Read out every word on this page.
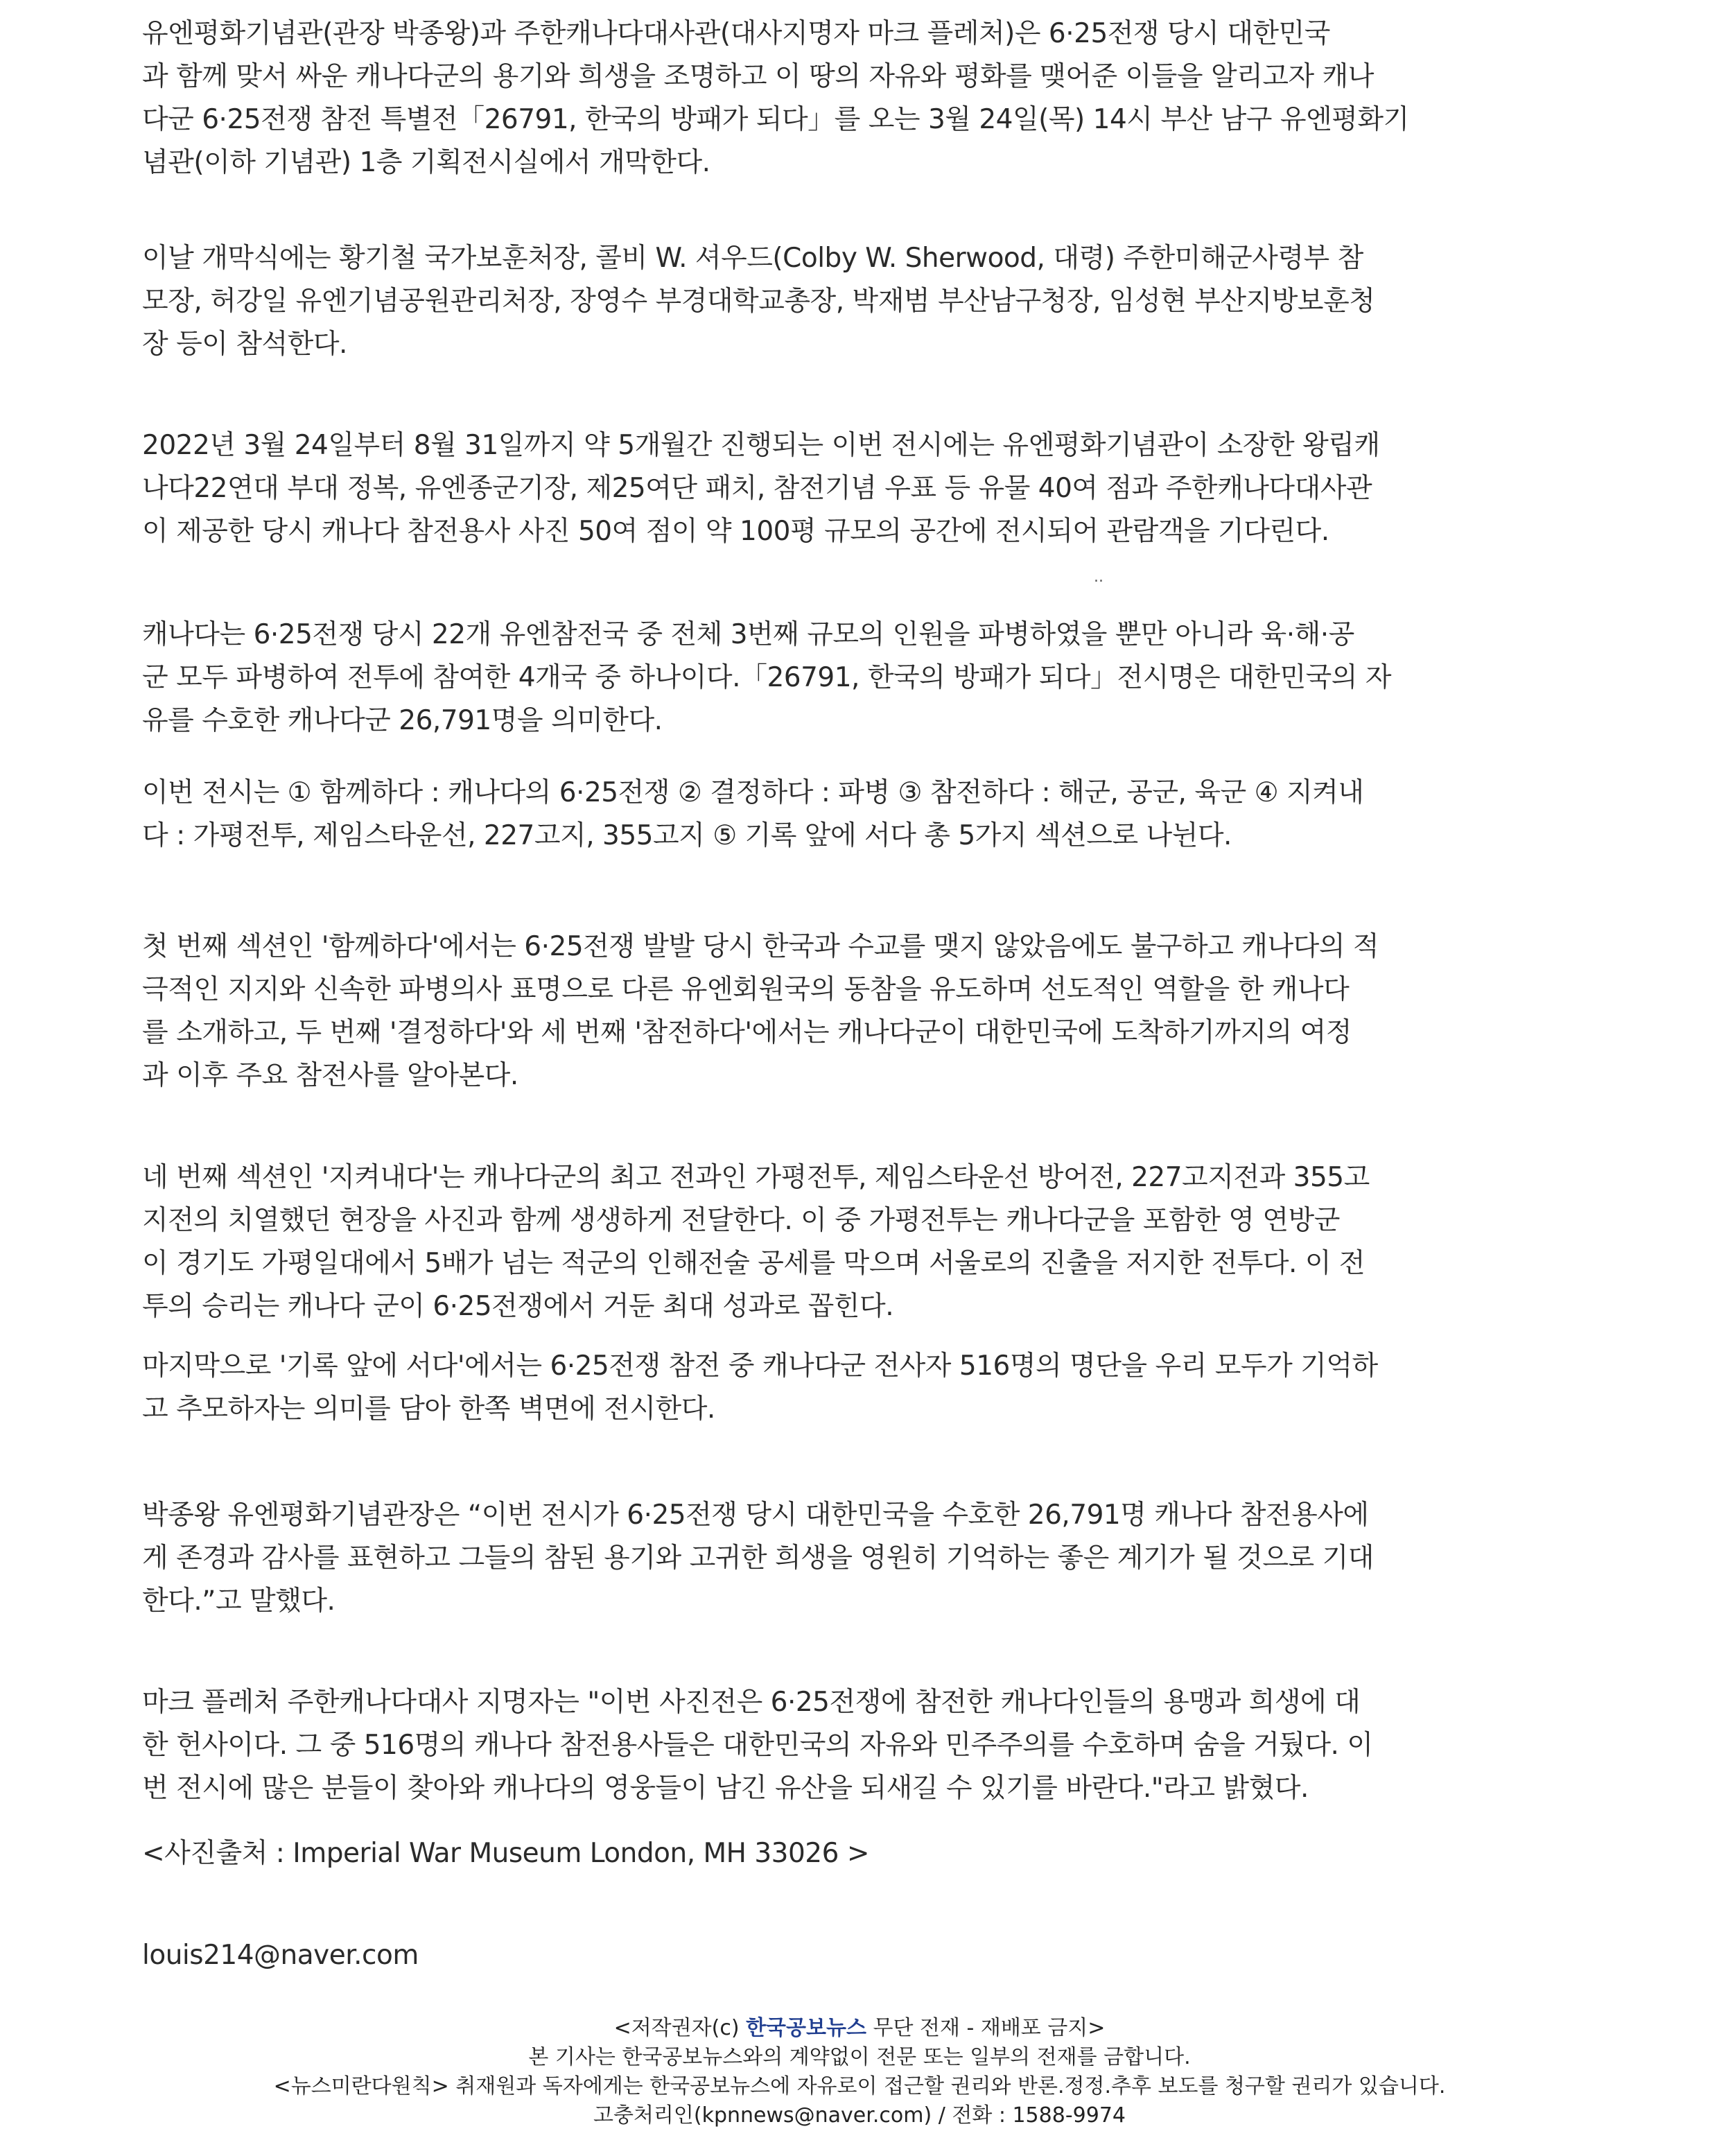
유엔평화기념관(관장 박종왕)과 주한캐나다대사관(대사지명자 마크 플레처)은 6·25전쟁 당시 대한민국
과 함께 맞서 싸운 캐나다군의 용기와 희생을 조명하고 이 땅의 자유와 평화를 맺어준 이들을 알리고자 캐나
다군 6·25전쟁 참전 특별전「26791, 한국의 방패가 되다」를 오는 3월 24일(목) 14시 부산 남구 유엔평화기
념관(이하 기념관) 1층 기획전시실에서 개막한다.
이날 개막식에는 황기철 국가보훈처장, 콜비 W. 셔우드(Colby W. Sherwood, 대령) 주한미해군사령부 참
모장, 허강일 유엔기념공원관리처장, 장영수 부경대학교총장, 박재범 부산남구청장, 임성현 부산지방보훈청
장 등이 참석한다.
2022년 3월 24일부터 8월 31일까지 약 5개월간 진행되는 이번 전시에는 유엔평화기념관이 소장한 왕립캐
나다22연대 부대 정복, 유엔종군기장, 제25여단 패치, 참전기념 우표 등 유물 40여 점과 주한캐나다대사관
이 제공한 당시 캐나다 참전용사 사진 50여 점이 약 100평 규모의 공간에 전시되어 관람객을 기다린다.
..
캐나다는 6·25전쟁 당시 22개 유엔참전국 중 전체 3번째 규모의 인원을 파병하였을 뿐만 아니라 육·해·공
군 모두 파병하여 전투에 참여한 4개국 중 하나이다.「26791, 한국의 방패가 되다」전시명은 대한민국의 자
유를 수호한 캐나다군 26,791명을 의미한다.
이번 전시는 ① 함께하다 : 캐나다의 6·25전쟁 ② 결정하다 : 파병 ③ 참전하다 : 해군, 공군, 육군 ④ 지켜내
다 : 가평전투, 제임스타운선, 227고지, 355고지 ⑤ 기록 앞에 서다 총 5가지 섹션으로 나뉜다.
첫 번째 섹션인 '함께하다'에서는 6·25전쟁 발발 당시 한국과 수교를 맺지 않았음에도 불구하고 캐나다의 적
극적인 지지와 신속한 파병의사 표명으로 다른 유엔회원국의 동참을 유도하며 선도적인 역할을 한 캐나다
를 소개하고, 두 번째 '결정하다'와 세 번째 '참전하다'에서는 캐나다군이 대한민국에 도착하기까지의 여정
과 이후 주요 참전사를 알아본다.
네 번째 섹션인 '지켜내다'는 캐나다군의 최고 전과인 가평전투, 제임스타운선 방어전, 227고지전과 355고
지전의 치열했던 현장을 사진과 함께 생생하게 전달한다. 이 중 가평전투는 캐나다군을 포함한 영 연방군
이 경기도 가평일대에서 5배가 넘는 적군의 인해전술 공세를 막으며 서울로의 진출을 저지한 전투다. 이 전
투의 승리는 캐나다 군이 6·25전쟁에서 거둔 최대 성과로 꼽힌다.
마지막으로 '기록 앞에 서다'에서는 6·25전쟁 참전 중 캐나다군 전사자 516명의 명단을 우리 모두가 기억하
고 추모하자는 의미를 담아 한쪽 벽면에 전시한다.
박종왕 유엔평화기념관장은 “이번 전시가 6·25전쟁 당시 대한민국을 수호한 26,791명 캐나다 참전용사에
게 존경과 감사를 표현하고 그들의 참된 용기와 고귀한 희생을 영원히 기억하는 좋은 계기가 될 것으로 기대
한다.”고 말했다.
마크 플레처 주한캐나다대사 지명자는 "이번 사진전은 6·25전쟁에 참전한 캐나다인들의 용맹과 희생에 대
한 헌사이다. 그 중 516명의 캐나다 참전용사들은 대한민국의 자유와 민주주의를 수호하며 숨을 거뒀다. 이
번 전시에 많은 분들이 찾아와 캐나다의 영웅들이 남긴 유산을 되새길 수 있기를 바란다."라고 밝혔다.
<사진출처 : Imperial War Museum London, MH 33026 >
louis214@naver.com
<저작권자(c) 한국공보뉴스 무단 전재 - 재배포 금지>
본 기사는 한국공보뉴스와의 계약없이 전문 또는 일부의 전재를 금합니다.
<뉴스미란다원칙> 취재원과 독자에게는 한국공보뉴스에 자유로이 접근할 권리와 반론.정정.추후 보도를 청구할 권리가 있습니다.
고충처리인(kpnnews@naver.com) / 전화 : 1588-9974
